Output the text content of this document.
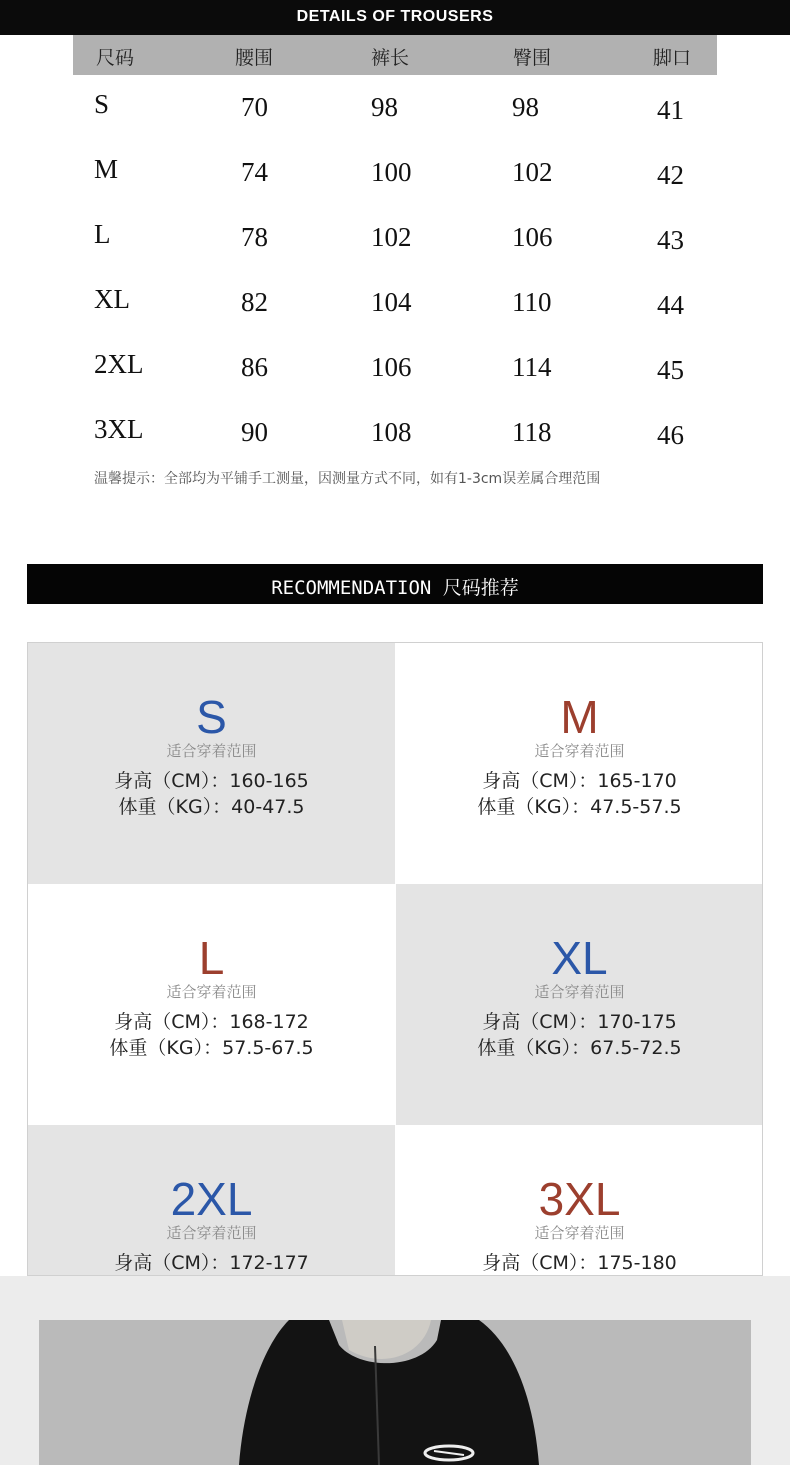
DETAILS OF TROUSERS
尺码	腰围	裤长	臀围	脚口
S	70	98	98	41
M	74	100	102	42
L	78	102	106	43
XL	82	104	110	44
2XL	86	106	114	45
3XL	90	108	118	46
温馨提示：全部均为平铺手工测量，因测量方式不同，如有1-3cm误差属合理范围
RECOMMENDATION 尺码推荐
S
适合穿着范围
身高（CM）：160-165
体重（KG）：40-47.5
M
适合穿着范围
身高（CM）：165-170
体重（KG）：47.5-57.5
L
适合穿着范围
身高（CM）：168-172
体重（KG）：57.5-67.5
XL
适合穿着范围
身高（CM）：170-175
体重（KG）：67.5-72.5
2XL
适合穿着范围
身高（CM）：172-177
3XL
适合穿着范围
身高（CM）：175-180
